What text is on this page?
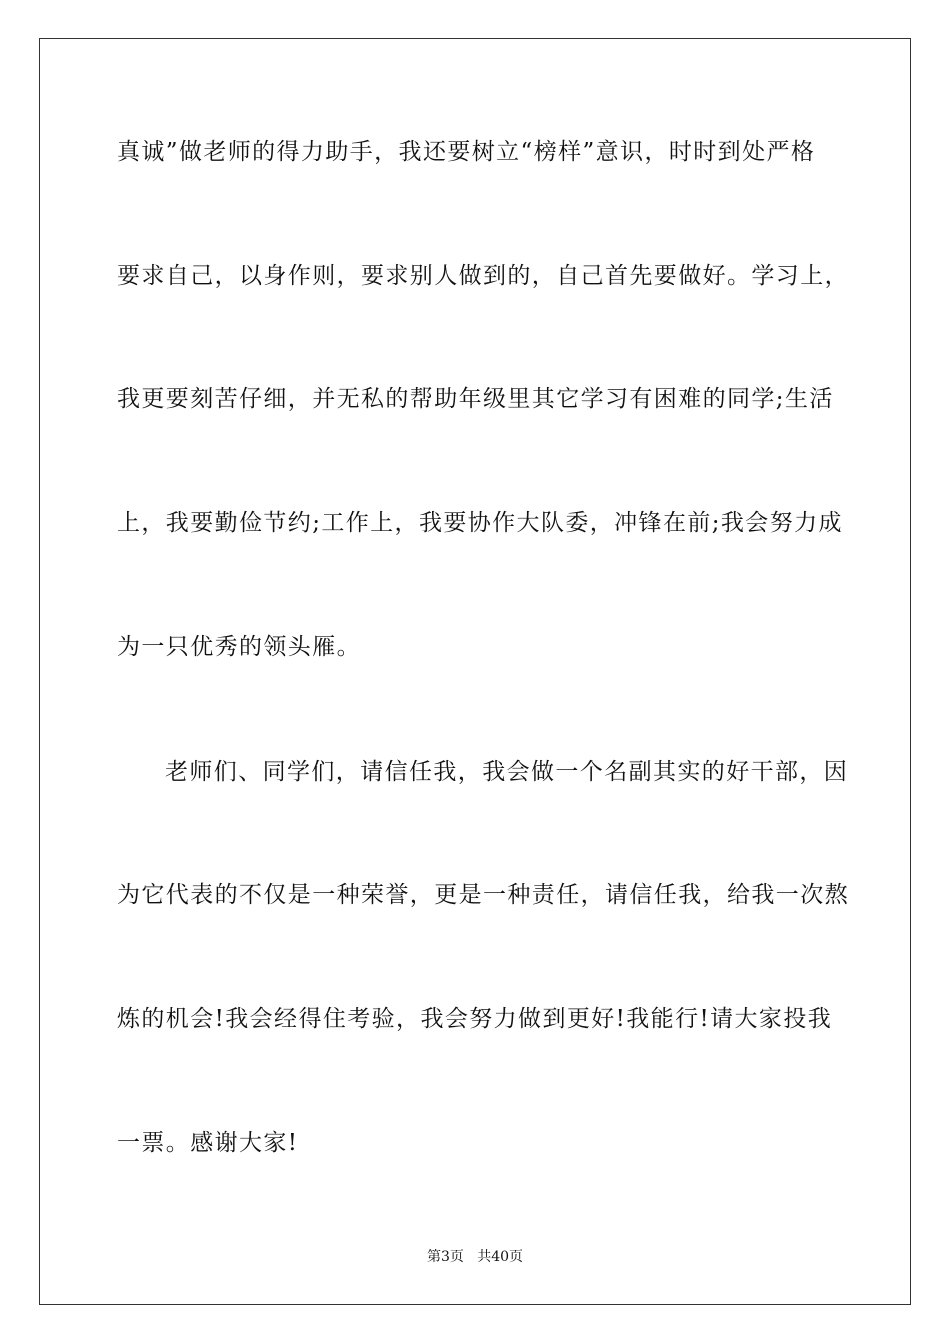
真诚”做老师的得力助手，我还要树立“榜样”意识，时时到处严格
要求自己，以身作则，要求别人做到的，自己首先要做好。学习上，
我更要刻苦仔细，并无私的帮助年级里其它学习有困难的同学;生活
上，我要勤俭节约;工作上，我要协作大队委，冲锋在前;我会努力成
为一只优秀的领头雁。
老师们、同学们，请信任我，我会做一个名副其实的好干部，因
为它代表的不仅是一种荣誉，更是一种责任，请信任我，给我一次熬
炼的机会!我会经得住考验，我会努力做到更好!我能行!请大家投我
一票。感谢大家!
第3页   共40页
